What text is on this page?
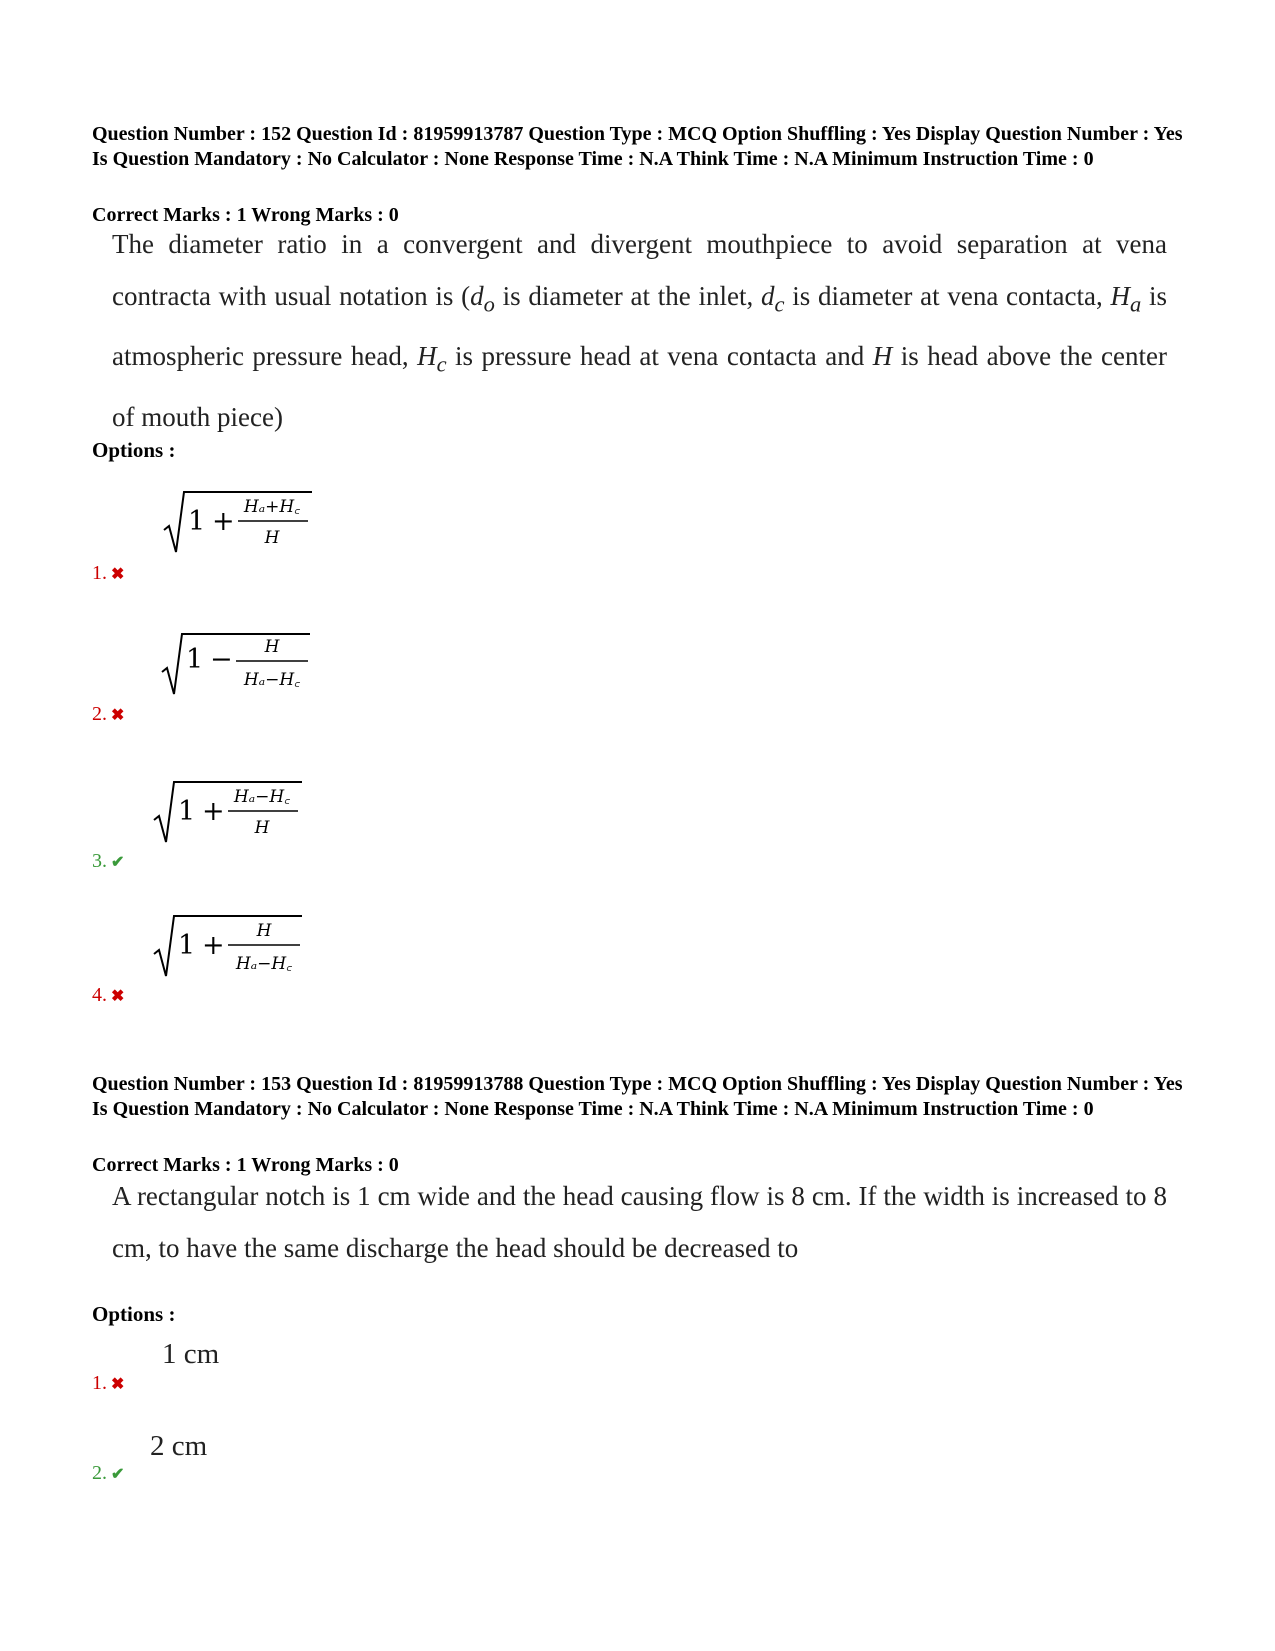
Question Number : 152 Question Id : 81959913787 Question Type : MCQ Option Shuffling : Yes Display Question Number : Yes Is Question Mandatory : No Calculator : None Response Time : N.A Think Time : N.A Minimum Instruction Time : 0
Correct Marks : 1 Wrong Marks : 0
The diameter ratio in a convergent and divergent mouthpiece to avoid separation at vena contracta with usual notation is ($d_o$ is diameter at the inlet, $d_c$ is diameter at vena contacta, $H_a$ is atmospheric pressure head, $H_c$ is pressure head at vena contacta and H is head above the center of mouth piece)
Options :
1 + Hₐ+H꜀
H
1. ✖
1 − H
Hₐ−H꜀
2. ✖
1 + Hₐ−H꜀
H
3. ✔
1 + H
Hₐ−H꜀
4. ✖
Question Number : 153 Question Id : 81959913788 Question Type : MCQ Option Shuffling : Yes Display Question Number : Yes Is Question Mandatory : No Calculator : None Response Time : N.A Think Time : N.A Minimum Instruction Time : 0
Correct Marks : 1 Wrong Marks : 0
A rectangular notch is 1 cm wide and the head causing flow is 8 cm. If the width is increased to 8 cm, to have the same discharge the head should be decreased to
Options :
1 cm
1. ✖
2 cm
2. ✔
